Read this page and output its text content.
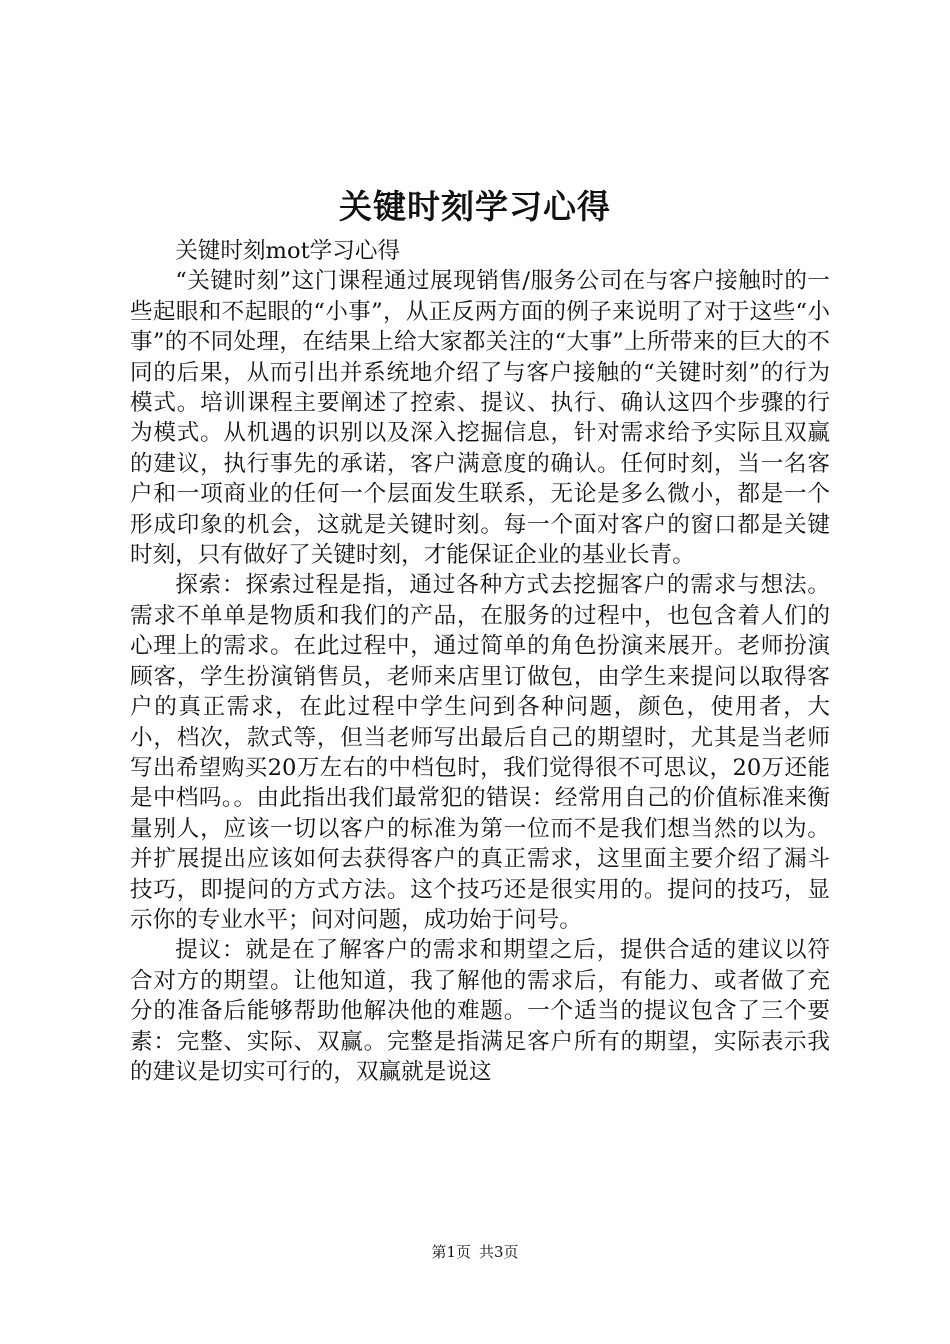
关键时刻学习心得

关键时刻mot学习心得

“关键时刻”这门课程通过展现销售/服务公司在与客户接触时的一些起眼和不起眼的“小事”，从正反两方面的例子来说明了对于这些“小事”的不同处理，在结果上给大家都关注的“大事”上所带来的巨大的不同的后果，从而引出并系统地介绍了与客户接触的“关键时刻”的行为模式。培训课程主要阐述了控索、提议、执行、确认这四个步骤的行为模式。从机遇的识别以及深入挖掘信息，针对需求给予实际且双赢的建议，执行事先的承诺，客户满意度的确认。任何时刻，当一名客户和一项商业的任何一个层面发生联系，无论是多么微小，都是一个形成印象的机会，这就是关键时刻。每一个面对客户的窗口都是关键时刻，只有做好了关键时刻，才能保证企业的基业长青。

探索：探索过程是指，通过各种方式去挖掘客户的需求与想法。需求不单单是物质和我们的产品，在服务的过程中，也包含着人们的心理上的需求。在此过程中，通过简单的角色扮演来展开。老师扮演顾客，学生扮演销售员，老师来店里订做包，由学生来提问以取得客户的真正需求，在此过程中学生问到各种问题，颜色，使用者，大小，档次，款式等，但当老师写出最后自己的期望时，尤其是当老师写出希望购买20万左右的中档包时，我们觉得很不可思议，20万还能是中档吗。。由此指出我们最常犯的错误：经常用自己的价值标准来衡量别人，应该一切以客户的标准为第一位而不是我们想当然的以为。并扩展提出应该如何去获得客户的真正需求，这里面主要介绍了漏斗技巧，即提问的方式方法。这个技巧还是很实用的。提问的技巧，显示你的专业水平；问对问题，成功始于问号。

提议：就是在了解客户的需求和期望之后，提供合适的建议以符合对方的期望。让他知道，我了解他的需求后，有能力、或者做了充分的准备后能够帮助他解决他的难题。一个适当的提议包含了三个要素：完整、实际、双赢。完整是指满足客户所有的期望，实际表示我的建议是切实可行的，双赢就是说这

第1页 共3页
